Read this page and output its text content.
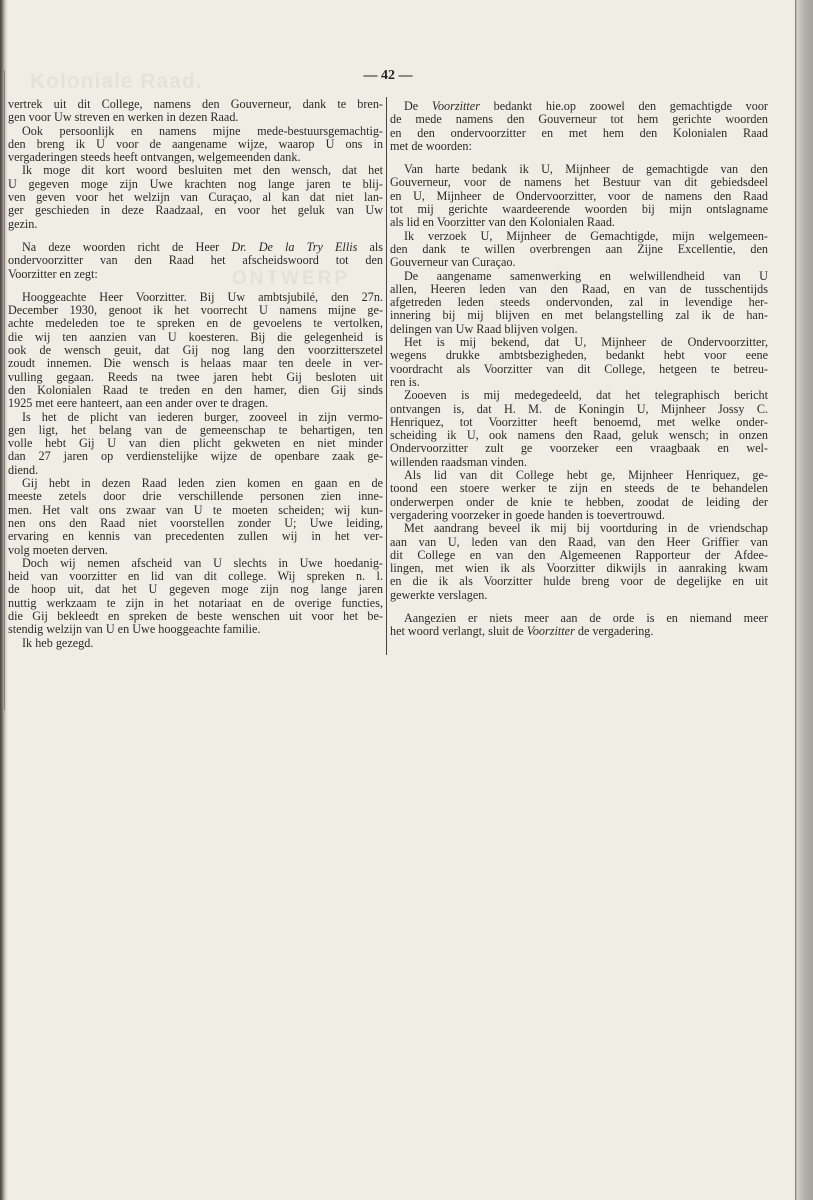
Koloniale Raad.
ONTWERP
— 42 —
vertrek uit dit College, namens den Gouverneur, dank te bren-
gen voor Uw streven en werken in dezen Raad.
Ook persoonlijk en namens mijne mede-bestuursgemachtig-
den breng ik U voor de aangename wijze, waarop U ons in
vergaderingen steeds heeft ontvangen, welgemeenden dank.
Ik moge dit kort woord besluiten met den wensch, dat het
U gegeven moge zijn Uwe krachten nog lange jaren te blij-
ven geven voor het welzijn van Curaçao, al kan dat niet lan-
ger geschieden in deze Raadzaal, en voor het geluk van Uw
gezin.
Na deze woorden richt de Heer Dr. De la Try Ellis als
ondervoorzitter van den Raad het afscheidswoord tot den
Voorzitter en zegt:
Hooggeachte Heer Voorzitter. Bij Uw ambtsjubilé, den 27n.
December 1930, genoot ik het voorrecht U namens mijne ge-
achte medeleden toe te spreken en de gevoelens te vertolken,
die wij ten aanzien van U koesteren. Bij die gelegenheid is
ook de wensch geuit, dat Gij nog lang den voorzitterszetel
zoudt innemen. Die wensch is helaas maar ten deele in ver-
vulling gegaan. Reeds na twee jaren hebt Gij besloten uit
den Kolonialen Raad te treden en den hamer, dien Gij sinds
1925 met eere hanteert, aan een ander over te dragen.
Is het de plicht van iederen burger, zooveel in zijn vermo-
gen ligt, het belang van de gemeenschap te behartigen, ten
volle hebt Gij U van dien plicht gekweten en niet minder
dan 27 jaren op verdienstelijke wijze de openbare zaak ge-
diend.
Gij hebt in dezen Raad leden zien komen en gaan en de
meeste zetels door drie verschillende personen zien inne-
men. Het valt ons zwaar van U te moeten scheiden; wij kun-
nen ons den Raad niet voorstellen zonder U; Uwe leiding,
ervaring en kennis van precedenten zullen wij in het ver-
volg moeten derven.
Doch wij nemen afscheid van U slechts in Uwe hoedanig-
heid van voorzitter en lid van dit college. Wij spreken n. l.
de hoop uit, dat het U gegeven moge zijn nog lange jaren
nuttig werkzaam te zijn in het notariaat en de overige functies,
die Gij bekleedt en spreken de beste wenschen uit voor het be-
stendig welzijn van U en Uwe hooggeachte familie.
Ik heb gezegd.
De Voorzitter bedankt hie.op zoowel den gemachtigde voor
de mede namens den Gouverneur tot hem gerichte woorden
en den ondervoorzitter en met hem den Kolonialen Raad
met de woorden:
Van harte bedank ik U, Mijnheer de gemachtigde van den
Gouverneur, voor de namens het Bestuur van dit gebiedsdeel
en U, Mijnheer de Ondervoorzitter, voor de namens den Raad
tot mij gerichte waardeerende woorden bij mijn ontslagname
als lid en Voorzitter van den Kolonialen Raad.
Ik verzoek U, Mijnheer de Gemachtigde, mijn welgemeen-
den dank te willen overbrengen aan Zijne Excellentie, den
Gouverneur van Curaçao.
De aangename samenwerking en welwillendheid van U
allen, Heeren leden van den Raad, en van de tusschentijds
afgetreden leden steeds ondervonden, zal in levendige her-
innering bij mij blijven en met belangstelling zal ik de han-
delingen van Uw Raad blijven volgen.
Het is mij bekend, dat U, Mijnheer de Ondervoorzitter,
wegens drukke ambtsbezigheden, bedankt hebt voor eene
voordracht als Voorzitter van dit College, hetgeen te betreu-
ren is.
Zooeven is mij medegedeeld, dat het telegraphisch bericht
ontvangen is, dat H. M. de Koningin U, Mijnheer Jossy C.
Henriquez, tot Voorzitter heeft benoemd, met welke onder-
scheiding ik U, ook namens den Raad, geluk wensch; in onzen
Ondervoorzitter zult ge voorzeker een vraagbaak en wel-
willenden raadsman vinden.
Als lid van dit College hebt ge, Mijnheer Henriquez, ge-
toond een stoere werker te zijn en steeds de te behandelen
onderwerpen onder de knie te hebben, zoodat de leiding der
vergadering voorzeker in goede handen is toevertrouwd.
Met aandrang beveel ik mij bij voortduring in de vriendschap
aan van U, leden van den Raad, van den Heer Griffier van
dit College en van den Algemeenen Rapporteur der Afdee-
lingen, met wien ik als Voorzitter dikwijls in aanraking kwam
en die ik als Voorzitter hulde breng voor de degelijke en uit
gewerkte verslagen.
Aangezien er niets meer aan de orde is en niemand meer
het woord verlangt, sluit de Voorzitter de vergadering.
